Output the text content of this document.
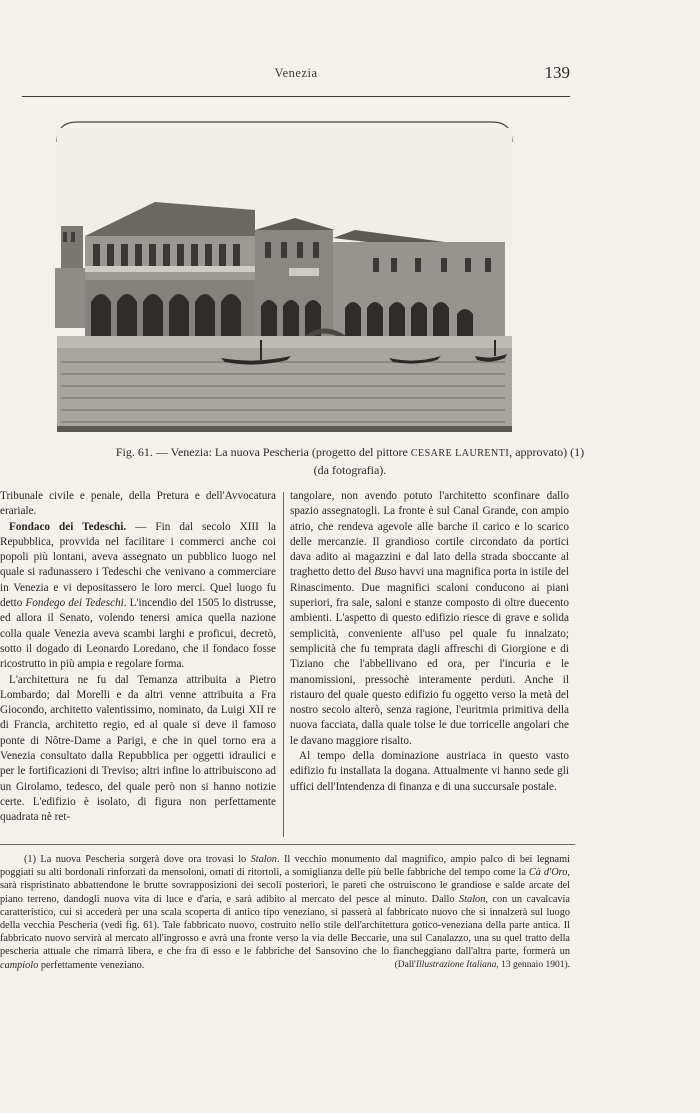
Venezia	139
Fig. 61. — Venezia: La nuova Pescheria (progetto del pittore CESARE LAURENTI, approvato) (1)
(da fotografia).

Tribunale civile e penale, della Pretura e dell'Avvocatura erariale.

Fondaco dei Tedeschi. — Fin dal secolo XIII la Repubblica, provvida nel facilitare i commerci anche coi popoli più lontani, aveva assegnato un pubblico luogo nel quale si radunassero i Tedeschi che venivano a commerciare in Venezia e vi depositassero le loro merci. Quel luogo fu detto Fondego dei Tedeschi. L'incendio del 1505 lo distrusse, ed allora il Senato, volendo tenersi amica quella nazione colla quale Venezia aveva scambi larghi e proficui, decretò, sotto il dogado di Leonardo Loredano, che il fondaco fosse ricostrutto in più ampia e regolare forma.

L'architettura ne fu dal Temanza attribuita a Pietro Lombardo; dal Morelli e da altri venne attribuita a Fra Giocondo, architetto valentissimo, nominato, da Luigi XII re di Francia, architetto regio, ed al quale si deve il famoso ponte di Nôtre-Dame a Parigi, e che in quel torno era a Venezia consultato dalla Repubblica per oggetti idraulici e per le fortificazioni di Treviso; altri infine lo attribuiscono ad un Girolamo, tedesco, del quale però non si hanno notizie certe. L'edifizio è isolato, di figura non perfettamente quadrata nè ret-

tangolare, non avendo potuto l'architetto sconfinare dallo spazio assegnatogli. La fronte è sul Canal Grande, con ampio atrio, che rendeva agevole alle barche il carico e lo scarico delle mercanzie. Il grandioso cortile circondato da portici dava adito ai magazzini e dal lato della strada sboccante al traghetto detto del Buso havvi una magnifica porta in istile del Rinascimento. Due magnifici scaloni conducono ai piani superiori, fra sale, saloni e stanze composto di oltre duecento ambienti. L'aspetto di questo edifizio riesce di grave e solida semplicità, conveniente all'uso pel quale fu innalzato; semplicità che fu temprata dagli affreschi di Giorgione e di Tiziano che l'abbellivano ed ora, per l'incuria e le manomissioni, pressochè interamente perduti. Anche il ristauro del quale questo edifizio fu oggetto verso la metà del nostro secolo alterò, senza ragione, l'euritmia primitiva della nuova facciata, dalla quale tolse le due torricelle angolari che le davano maggiore risalto.

Al tempo della dominazione austriaca in questo vasto edifizio fu installata la dogana. Attualmente vi hanno sede gli uffici dell'Intendenza di finanza e di una succursale postale.

(1) La nuova Pescheria sorgerà dove ora trovasi lo Stalon. Il vecchio monumento dal magnifico, ampio palco di bei legnami poggiati su alti bordonali rinforzati da mensoloni, ornati di ritortoli, a somiglianza delle più belle fabbriche del tempo come la Cà d'Oro, sarà rispristinato abbattendone le brutte sovrapposizioni dei secoli posteriori, le pareti che ostruiscono le grandiose e salde arcate del piano terreno, dandogli nuova vita di luce e d'aria, e sarà adibito al mercato del pesce al minuto. Dallo Stalon, con un cavalcavia caratteristico, cui si accederà per una scala scoperta di antico tipo veneziano, si passerà al fabbricato nuovo che si innalzerà sul luogo della vecchia Pescheria (vedi fig. 61). Tale fabbricato nuovo, costruito nello stile dell'architettura gotico-veneziana della parte antica. Il fabbricato nuovo servirà al mercato all'ingrosso e avrà una fronte verso la via delle Beccarie, una sul Canalazzo, una su quel tratto della pescheria attuale che rimarrà libera, e che fra di esso e le fabbriche del Sansovino che lo fiancheggiano dall'altra parte, formerà un campiolo perfettamente veneziano.	(Dall'Illustrazione Italiana, 13 gennaio 1901).
